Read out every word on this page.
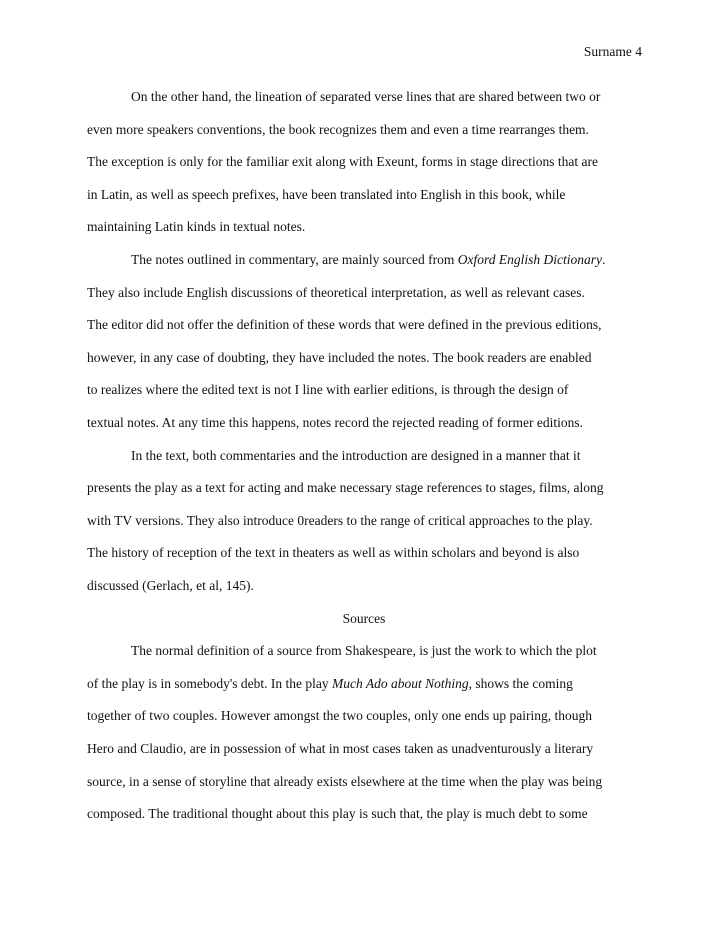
Surname 4
On the other hand, the lineation of separated verse lines that are shared between two or
even more speakers conventions, the book recognizes them and even a time rearranges them.
The exception is only for the familiar exit along with Exeunt, forms in stage directions that are
in Latin, as well as speech prefixes, have been translated into English in this book, while
maintaining Latin kinds in textual notes.
The notes outlined in commentary, are mainly sourced from Oxford English Dictionary.
They also include English discussions of theoretical interpretation, as well as relevant cases.
The editor did not offer the definition of these words that were defined in the previous editions,
however, in any case of doubting, they have included the notes. The book readers are enabled
to realizes where the edited text is not I line with earlier editions, is through the design of
textual notes. At any time this happens, notes record the rejected reading of former editions.
In the text, both commentaries and the introduction are designed in a manner that it
presents the play as a text for acting and make necessary stage references to stages, films, along
with TV versions. They also introduce 0readers to the range of critical approaches to the play.
The history of reception of the text in theaters as well as within scholars and beyond is also
discussed (Gerlach, et al, 145).
Sources
The normal definition of a source from Shakespeare, is just the work to which the plot
of the play is in somebody's debt. In the play Much Ado about Nothing, shows the coming
together of two couples. However amongst the two couples, only one ends up pairing, though
Hero and Claudio, are in possession of what in most cases taken as unadventurously a literary
source, in a sense of storyline that already exists elsewhere at the time when the play was being
composed. The traditional thought about this play is such that, the play is much debt to some
